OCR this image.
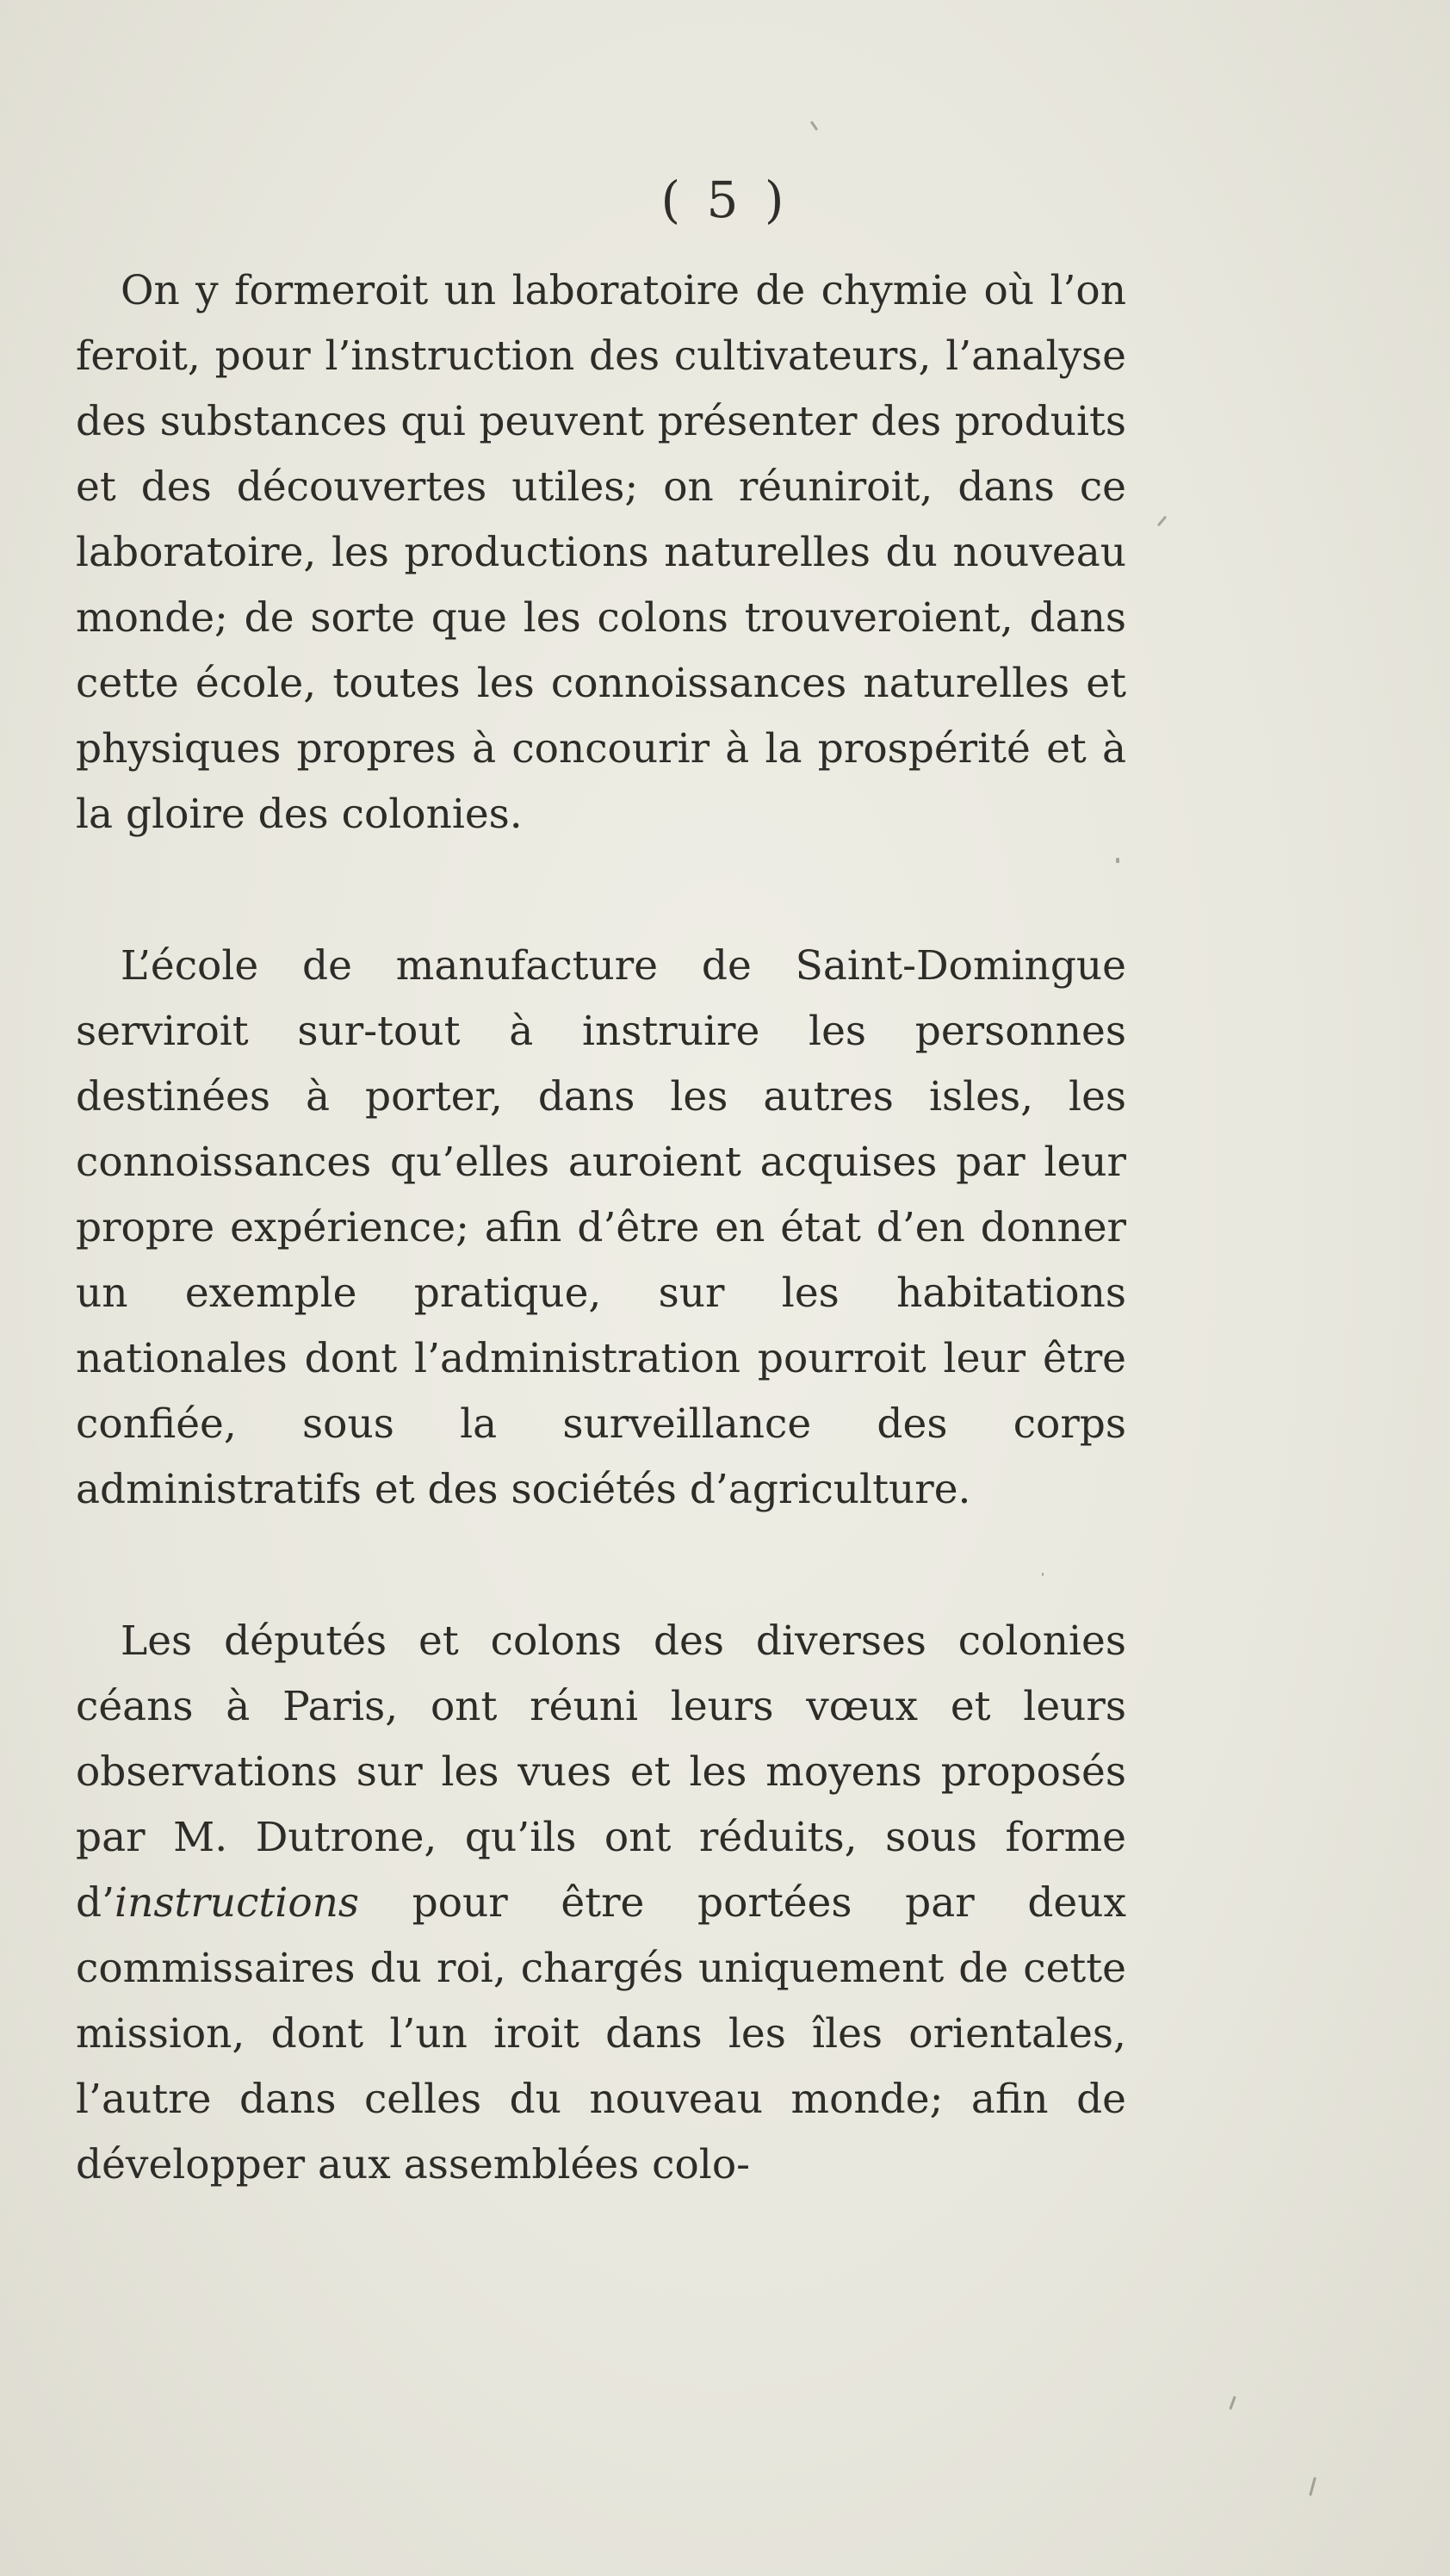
( 5 )

On y formeroit un laboratoire de chymie où l’on feroit, pour l’instruction des cultivateurs, l’analyse des substances qui peuvent présenter des produits et des découvertes utiles; on réuniroit, dans ce laboratoire, les productions naturelles du nouveau monde; de sorte que les colons trouveroient, dans cette école, toutes les connoissances naturelles et physiques propres à concourir à la prospérité et à la gloire des colonies.

L’école de manufacture de Saint-Domingue serviroit sur-tout à instruire les personnes destinées à porter, dans les autres isles, les connoissances qu’elles auroient acquises par leur propre expérience; afin d’être en état d’en donner un exemple pratique, sur les habitations nationales dont l’administration pourroit leur être confiée, sous la surveillance des corps administratifs et des sociétés d’agriculture.

Les députés et colons des diverses colonies céans à Paris, ont réuni leurs vœux et leurs observations sur les vues et les moyens proposés par M. Dutrone, qu’ils ont réduits, sous forme d’instructions pour être portées par deux commissaires du roi, chargés uniquement de cette mission, dont l’un iroit dans les îles orientales, l’autre dans celles du nouveau monde; afin de développer aux assemblées colo-
